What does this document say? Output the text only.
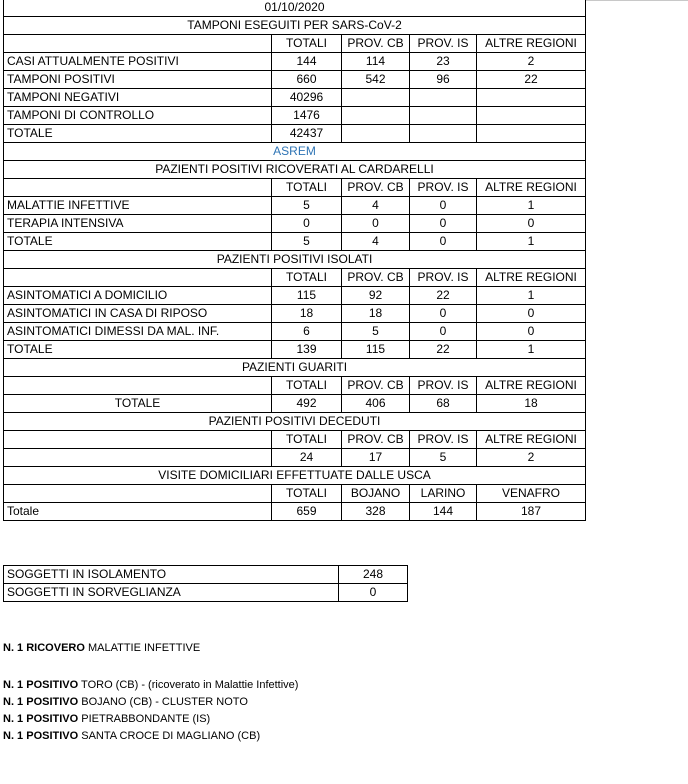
01/10/2020				
TAMPONI ESEGUITI PER SARS-CoV-2				
	TOTALI	PROV. CB	PROV. IS	ALTRE REGIONI
CASI ATTUALMENTE POSITIVI	144	114	23	2
TAMPONI POSITIVI	660	542	96	22
TAMPONI NEGATIVI	40296			
TAMPONI DI CONTROLLO	1476			
TOTALE	42437			
ASREM				
PAZIENTI POSITIVI RICOVERATI AL CARDARELLI				
	TOTALI	PROV. CB	PROV. IS	ALTRE REGIONI
MALATTIE INFETTIVE	5	4	0	1
TERAPIA INTENSIVA	0	0	0	0
TOTALE	5	4	0	1
PAZIENTI POSITIVI ISOLATI				
	TOTALI	PROV. CB	PROV. IS	ALTRE REGIONI
ASINTOMATICI A DOMICILIO	115	92	22	1
ASINTOMATICI IN CASA DI RIPOSO	18	18	0	0
ASINTOMATICI DIMESSI DA MAL. INF.	6	5	0	0
TOTALE	139	115	22	1
PAZIENTI GUARITI				
	TOTALI	PROV. CB	PROV. IS	ALTRE REGIONI
TOTALE	492	406	68	18
PAZIENTI POSITIVI DECEDUTI				
	TOTALI	PROV. CB	PROV. IS	ALTRE REGIONI
	24	17	5	2
VISITE DOMICILIARI EFFETTUATE DALLE USCA				
	TOTALI	BOJANO	LARINO	VENAFRO
Totale	659	328	144	187
SOGGETTI IN ISOLAMENTO	248
SOGGETTI IN SORVEGLIANZA	0
N. 1 RICOVERO MALATTIE INFETTIVE
N. 1 POSITIVO TORO (CB) - (ricoverato in Malattie Infettive)
N. 1 POSITIVO BOJANO (CB) - CLUSTER NOTO
N. 1 POSITIVO PIETRABBONDANTE (IS)
N. 1 POSITIVO SANTA CROCE DI MAGLIANO (CB)
